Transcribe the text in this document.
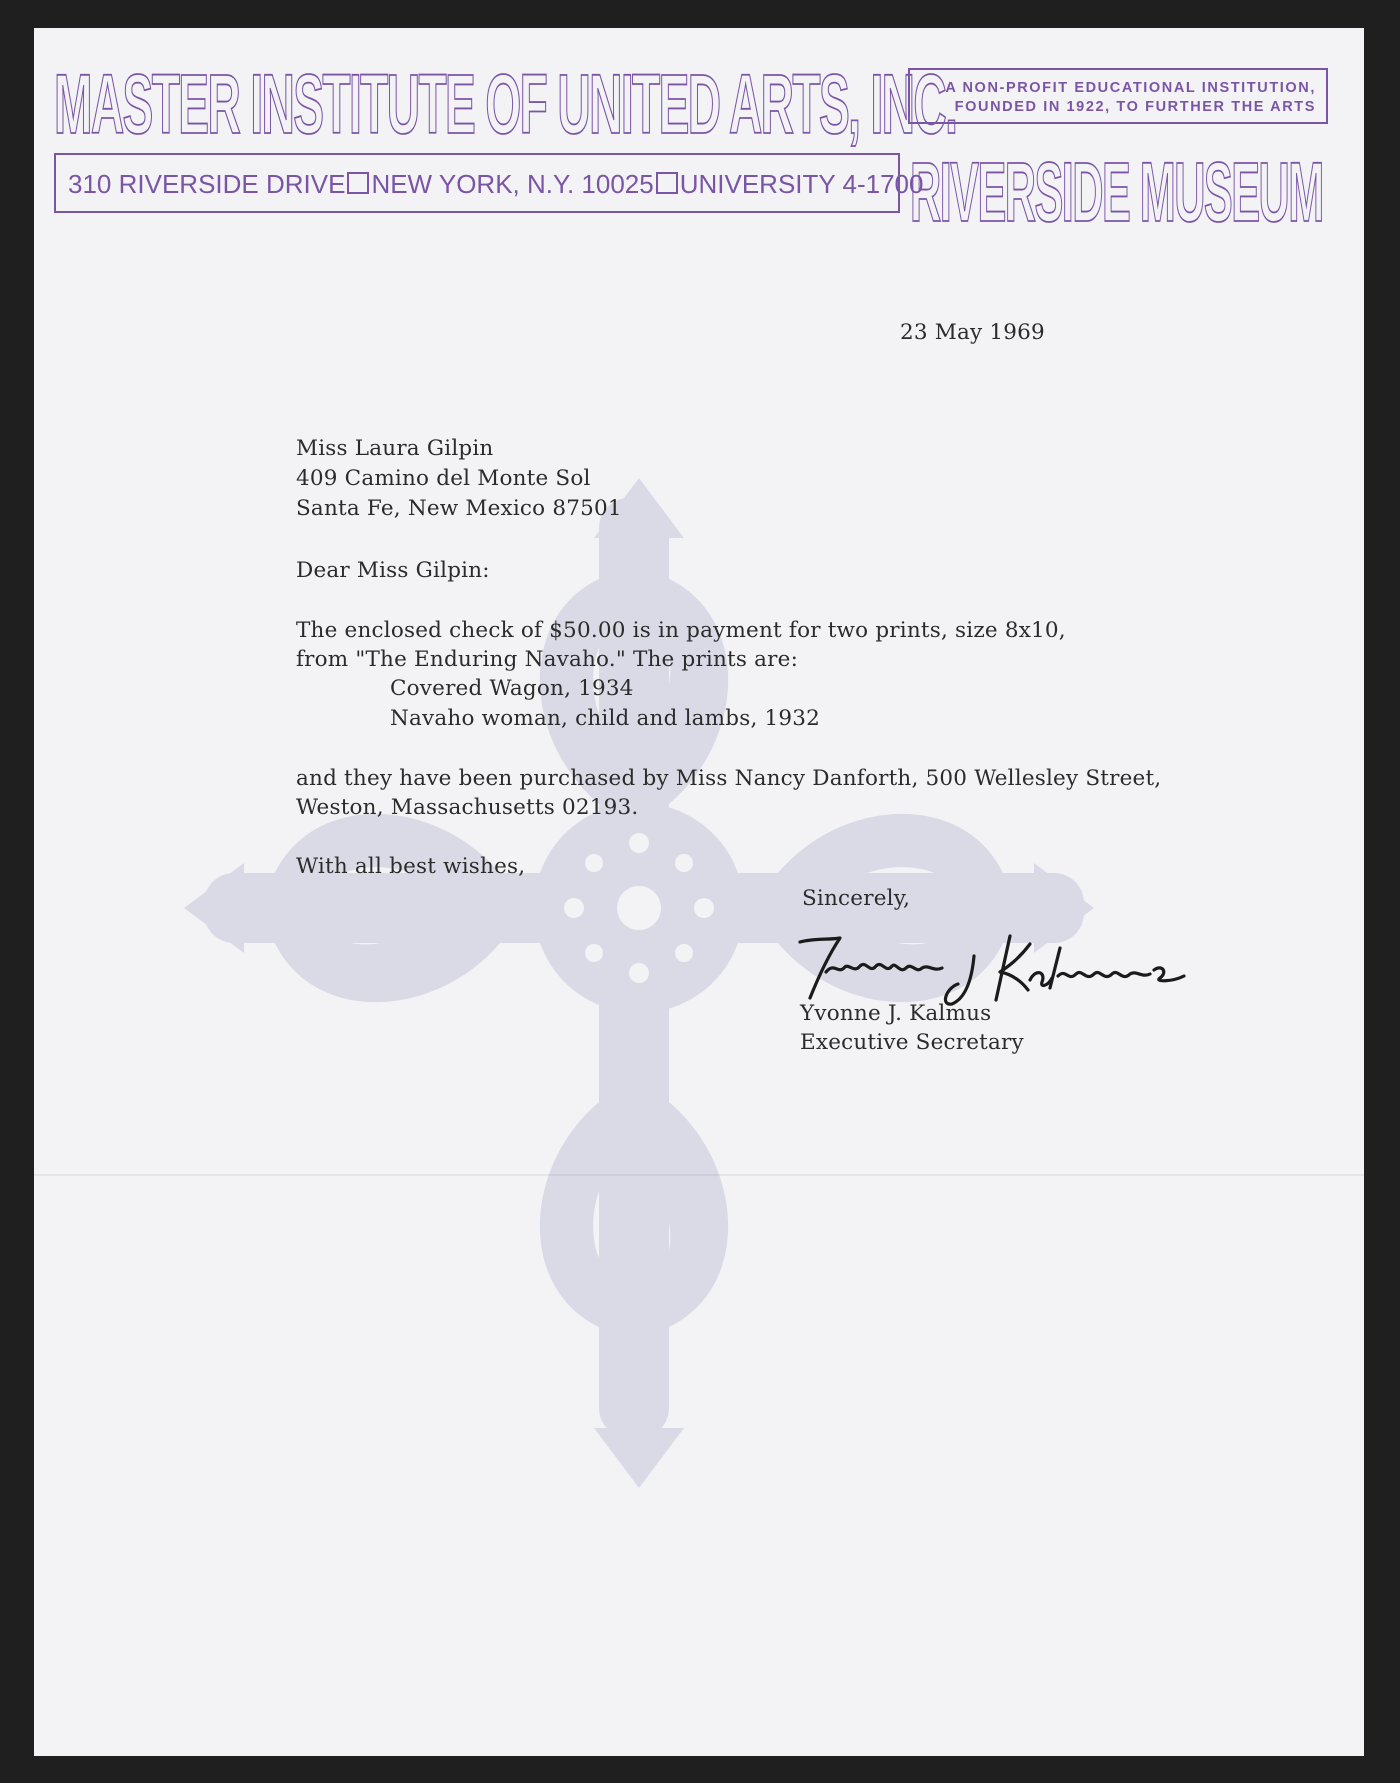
MASTER INSTITUTE OF UNITED ARTS, INC.
A NON-PROFIT EDUCATIONAL INSTITUTION,
FOUNDED IN 1922, TO FURTHER THE ARTS
310 RIVERSIDE DRIVE NEW YORK, N.Y. 10025 UNIVERSITY 4-1700
RIVERSIDE MUSEUM
23 May 1969
Miss Laura Gilpin
409 Camino del Monte Sol
Santa Fe, New Mexico 87501
Dear Miss Gilpin:
The enclosed check of $50.00 is in payment for two prints, size 8x10,
from "The Enduring Navaho." The prints are:
Covered Wagon, 1934
Navaho woman, child and lambs, 1932
and they have been purchased by Miss Nancy Danforth, 500 Wellesley Street,
Weston, Massachusetts 02193.
With all best wishes,
Sincerely,
Yvonne J. Kalmus
Executive Secretary
